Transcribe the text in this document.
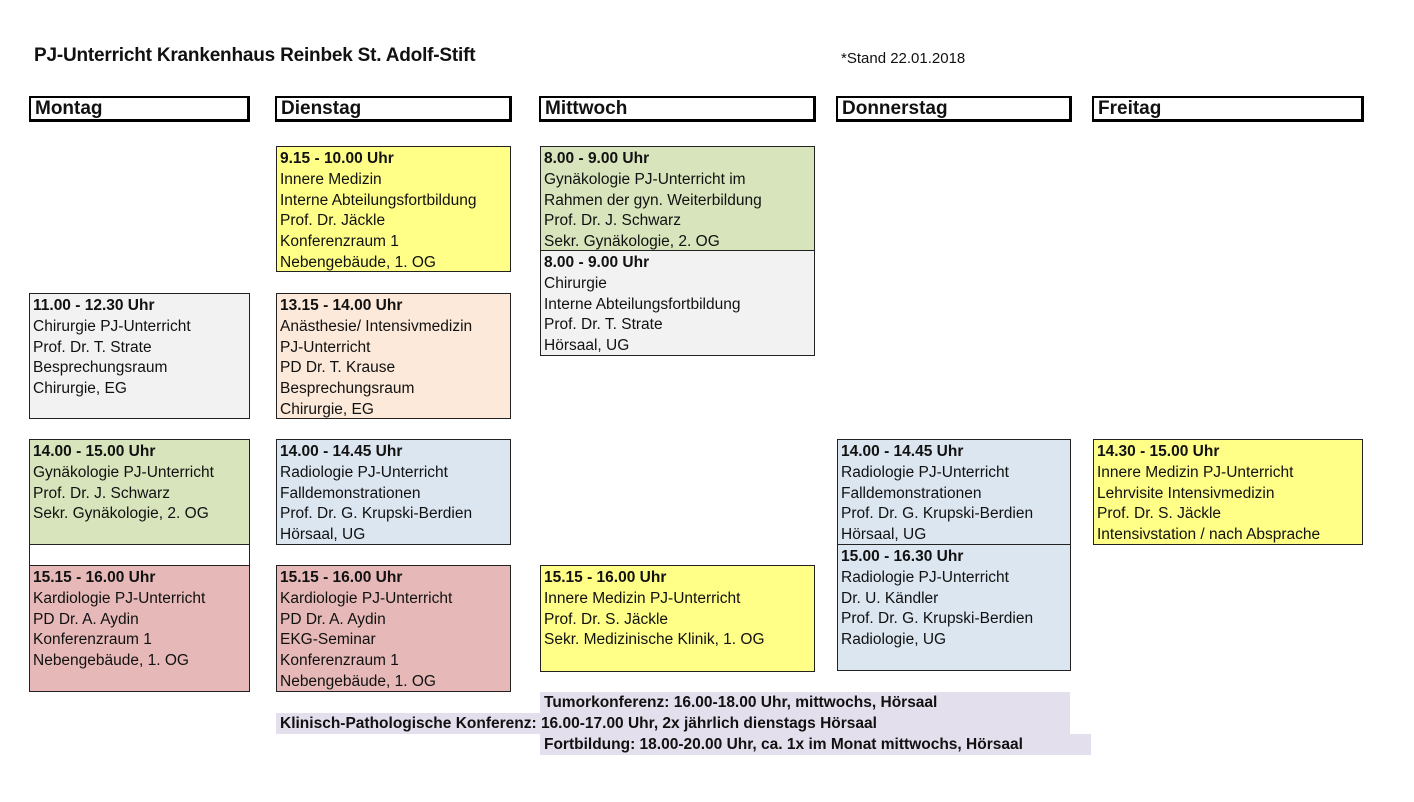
PJ-Unterricht Krankenhaus Reinbek St. Adolf-Stift	*Stand 22.01.2018
Montag	Dienstag	Mittwoch	Donnerstag	Freitag
11.00 - 12.30 Uhr
Chirurgie PJ-Unterricht
Prof. Dr. T. Strate
Besprechungsraum
Chirurgie, EG
14.00 - 15.00 Uhr
Gynäkologie PJ-Unterricht
Prof. Dr. J. Schwarz
Sekr. Gynäkologie, 2. OG
15.15 - 16.00 Uhr
Kardiologie PJ-Unterricht
PD Dr. A. Aydin
Konferenzraum 1
Nebengebäude, 1. OG
9.15 - 10.00 Uhr
Innere Medizin
Interne Abteilungsfortbildung
Prof. Dr. Jäckle
Konferenzraum 1
Nebengebäude, 1. OG
13.15 - 14.00 Uhr
Anästhesie/ Intensivmedizin
PJ-Unterricht
PD Dr. T. Krause
Besprechungsraum
Chirurgie, EG
14.00 - 14.45 Uhr
Radiologie PJ-Unterricht
Falldemonstrationen
Prof. Dr. G. Krupski-Berdien
Hörsaal, UG
15.15 - 16.00 Uhr
Kardiologie PJ-Unterricht
PD Dr. A. Aydin
EKG-Seminar
Konferenzraum 1
Nebengebäude, 1. OG
8.00 - 9.00 Uhr
Gynäkologie PJ-Unterricht im
Rahmen der gyn. Weiterbildung
Prof. Dr. J. Schwarz
Sekr. Gynäkologie, 2. OG
8.00 - 9.00 Uhr
Chirurgie
Interne Abteilungsfortbildung
Prof. Dr. T. Strate
Hörsaal, UG
15.15 - 16.00 Uhr
Innere Medizin PJ-Unterricht
Prof. Dr. S. Jäckle
Sekr. Medizinische Klinik, 1. OG
14.00 - 14.45 Uhr
Radiologie PJ-Unterricht
Falldemonstrationen
Prof. Dr. G. Krupski-Berdien
Hörsaal, UG
15.00 - 16.30 Uhr
Radiologie PJ-Unterricht
Dr. U. Kändler
Prof. Dr. G. Krupski-Berdien
Radiologie, UG
14.30 - 15.00 Uhr
Innere Medizin PJ-Unterricht
Lehrvisite Intensivmedizin
Prof. Dr. S. Jäckle
Intensivstation / nach Absprache
Tumorkonferenz: 16.00-18.00 Uhr, mittwochs, Hörsaal
Klinisch-Pathologische Konferenz: 16.00-17.00 Uhr, 2x jährlich dienstags Hörsaal
Fortbildung: 18.00-20.00 Uhr, ca. 1x im Monat mittwochs, Hörsaal
